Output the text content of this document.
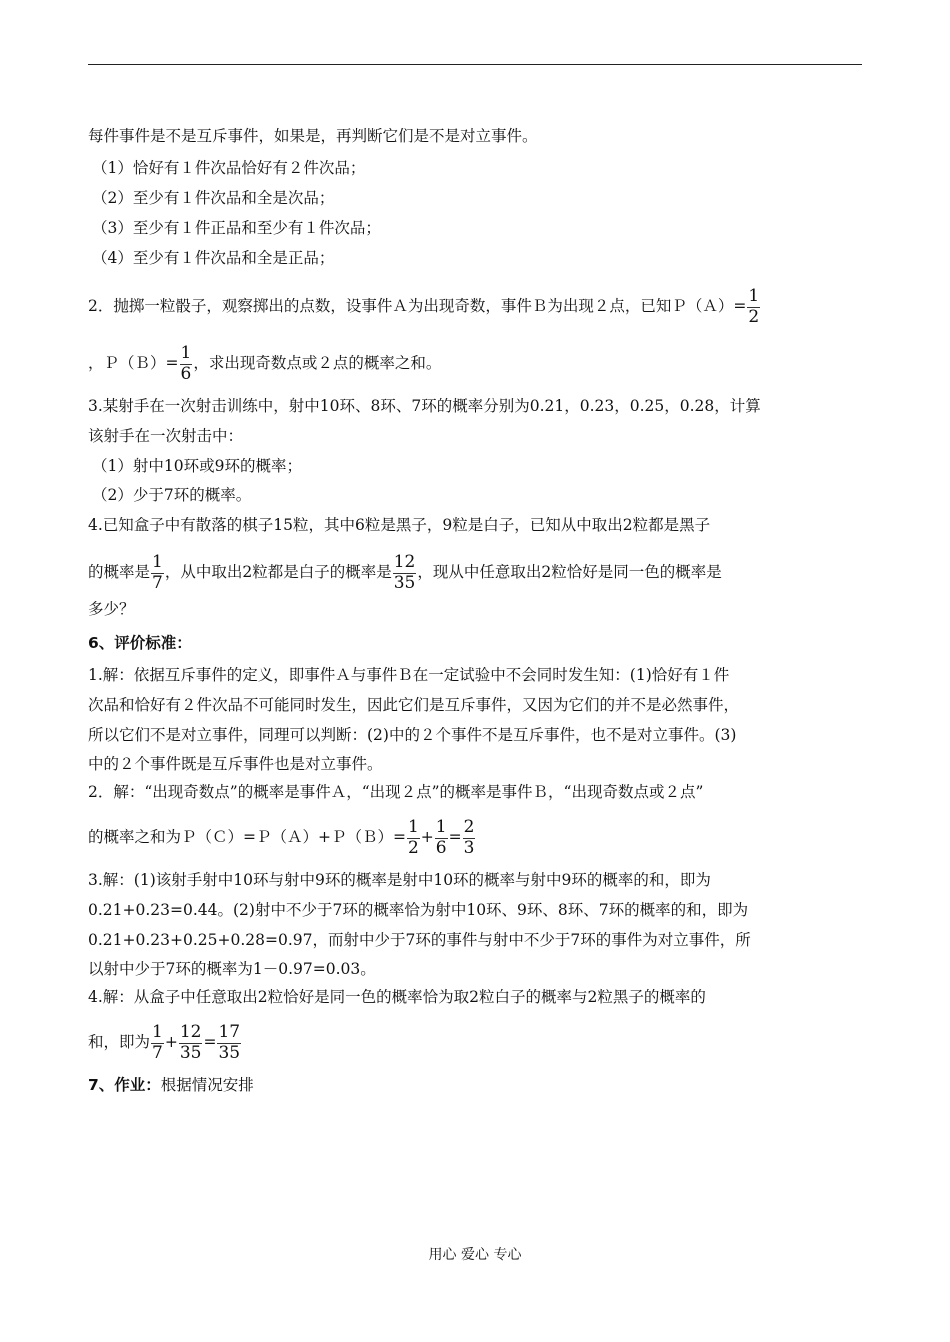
每件事件是不是互斥事件，如果是，再判断它们是不是对立事件。
（1）恰好有１件次品恰好有２件次品；
（2）至少有１件次品和全是次品；
（3）至少有１件正品和至少有１件次品；
（4）至少有１件次品和全是正品；
2．抛掷一粒骰子，观察掷出的点数，设事件Ａ为出现奇数，事件Ｂ为出现２点，已知Ｐ（Ａ）= $\frac{1}{2}$
，Ｐ（Ｂ）= $\frac{1}{6}$ ，求出现奇数点或２点的概率之和。
3.某射手在一次射击训练中，射中10环、8环、7环的概率分别为0.21，0.23，0.25，0.28，计算
该射手在一次射击中：
（1）射中10环或9环的概率；
（2）少于7环的概率。
4.已知盒子中有散落的棋子15粒，其中6粒是黑子，9粒是白子，已知从中取出2粒都是黑子
的概率是 $\frac{1}{7}$ ，从中取出2粒都是白子的概率是 $\frac{12}{35}$ ，现从中任意取出2粒恰好是同一色的概率是
多少？
6、评价标准：
1.解：依据互斥事件的定义，即事件Ａ与事件Ｂ在一定试验中不会同时发生知：(1)恰好有１件
次品和恰好有２件次品不可能同时发生，因此它们是互斥事件，又因为它们的并不是必然事件，
所以它们不是对立事件，同理可以判断：(2)中的２个事件不是互斥事件，也不是对立事件。(3)
中的２个事件既是互斥事件也是对立事件。
2．解：“出现奇数点”的概率是事件Ａ，“出现２点”的概率是事件Ｂ，“出现奇数点或２点”
的概率之和为Ｐ（Ｃ）=Ｐ（Ａ）+Ｐ（Ｂ）= $\frac{1}{2} + \frac{1}{6} = \frac{2}{3}$
3.解：(1)该射手射中10环与射中9环的概率是射中10环的概率与射中9环的概率的和，即为
0.21+0.23=0.44。(2)射中不少于7环的概率恰为射中10环、9环、8环、7环的概率的和，即为
0.21+0.23+0.25+0.28=0.97，而射中少于7环的事件与射中不少于7环的事件为对立事件，所
以射中少于7环的概率为1－0.97=0.03。
4.解：从盒子中任意取出2粒恰好是同一色的概率恰为取2粒白子的概率与2粒黑子的概率的
和，即为 $\frac{1}{7} + \frac{12}{35} = \frac{17}{35}$
7、作业：根据情况安排
用心 爱心 专心
